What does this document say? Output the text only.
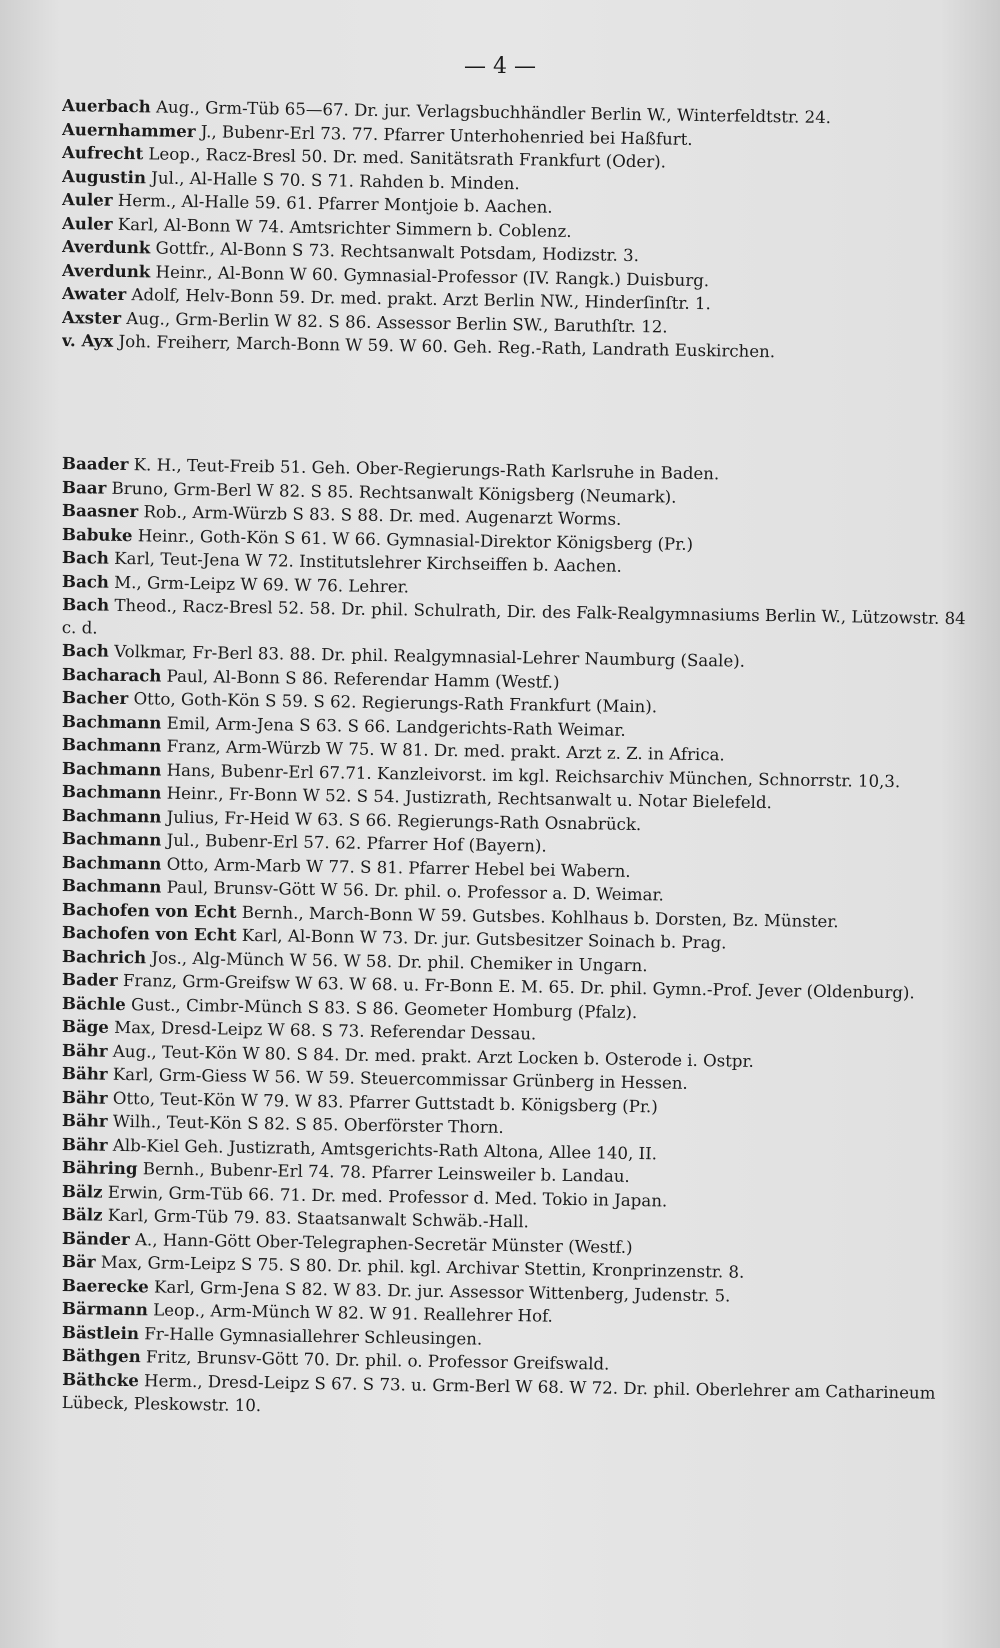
— 4 —
Auerbach Aug., Grm-Tüb 65—67. Dr. jur. Verlagsbuchhändler Berlin W., Winterfeldtstr. 24.
Auernhammer J., Bubenr-Erl 73. 77. Pfarrer Unterhohenried bei Haßfurt.
Aufrecht Leop., Racz-Bresl 50. Dr. med. Sanitätsrath Frankfurt (Oder).
Augustin Jul., Al-Halle S 70. S 71. Rahden b. Minden.
Auler Herm., Al-Halle 59. 61. Pfarrer Montjoie b. Aachen.
Auler Karl, Al-Bonn W 74. Amtsrichter Simmern b. Coblenz.
Averdunk Gottfr., Al-Bonn S 73. Rechtsanwalt Potsdam, Hodizstr. 3.
Averdunk Heinr., Al-Bonn W 60. Gymnasial-Professor (IV. Rangk.) Duisburg.
Awater Adolf, Helv-Bonn 59. Dr. med. prakt. Arzt Berlin NW., Hinderſinſtr. 1.
Axster Aug., Grm-Berlin W 82. S 86. Assessor Berlin SW., Baruthſtr. 12.
v. Ayx Joh. Freiherr, March-Bonn W 59. W 60. Geh. Reg.-Rath, Landrath Euskirchen.
Baader K. H., Teut-Freib 51. Geh. Ober-Regierungs-Rath Karlsruhe in Baden.
Baar Bruno, Grm-Berl W 82. S 85. Rechtsanwalt Königsberg (Neumark).
Baasner Rob., Arm-Würzb S 83. S 88. Dr. med. Augenarzt Worms.
Babuke Heinr., Goth-Kön S 61. W 66. Gymnasial-Direktor Königsberg (Pr.)
Bach Karl, Teut-Jena W 72. Institutslehrer Kirchseiffen b. Aachen.
Bach M., Grm-Leipz W 69. W 76. Lehrer.
Bach Theod., Racz-Bresl 52. 58. Dr. phil. Schulrath, Dir. des Falk-Realgymnasiums Berlin W., Lützowstr. 84 c. d.
Bach Volkmar, Fr-Berl 83. 88. Dr. phil. Realgymnasial-Lehrer Naumburg (Saale).
Bacharach Paul, Al-Bonn S 86. Referendar Hamm (Westf.)
Bacher Otto, Goth-Kön S 59. S 62. Regierungs-Rath Frankfurt (Main).
Bachmann Emil, Arm-Jena S 63. S 66. Landgerichts-Rath Weimar.
Bachmann Franz, Arm-Würzb W 75. W 81. Dr. med. prakt. Arzt z. Z. in Africa.
Bachmann Hans, Bubenr-Erl 67.71. Kanzleivorst. im kgl. Reichsarchiv München, Schnorrstr. 10,3.
Bachmann Heinr., Fr-Bonn W 52. S 54. Justizrath, Rechtsanwalt u. Notar Bielefeld.
Bachmann Julius, Fr-Heid W 63. S 66. Regierungs-Rath Osnabrück.
Bachmann Jul., Bubenr-Erl 57. 62. Pfarrer Hof (Bayern).
Bachmann Otto, Arm-Marb W 77. S 81. Pfarrer Hebel bei Wabern.
Bachmann Paul, Brunsv-Gött W 56. Dr. phil. o. Professor a. D. Weimar.
Bachofen von Echt Bernh., March-Bonn W 59. Gutsbes. Kohlhaus b. Dorsten, Bz. Münster.
Bachofen von Echt Karl, Al-Bonn W 73. Dr. jur. Gutsbesitzer Soinach b. Prag.
Bachrich Jos., Alg-Münch W 56. W 58. Dr. phil. Chemiker in Ungarn.
Bader Franz, Grm-Greifsw W 63. W 68. u. Fr-Bonn E. M. 65. Dr. phil. Gymn.-Prof. Jever (Oldenburg).
Bächle Gust., Cimbr-Münch S 83. S 86. Geometer Homburg (Pfalz).
Bäge Max, Dresd-Leipz W 68. S 73. Referendar Dessau.
Bähr Aug., Teut-Kön W 80. S 84. Dr. med. prakt. Arzt Locken b. Osterode i. Ostpr.
Bähr Karl, Grm-Giess W 56. W 59. Steuercommissar Grünberg in Hessen.
Bähr Otto, Teut-Kön W 79. W 83. Pfarrer Guttstadt b. Königsberg (Pr.)
Bähr Wilh., Teut-Kön S 82. S 85. Oberförster Thorn.
Bähr Alb-Kiel Geh. Justizrath, Amtsgerichts-Rath Altona, Allee 140, II.
Bähring Bernh., Bubenr-Erl 74. 78. Pfarrer Leinsweiler b. Landau.
Bälz Erwin, Grm-Tüb 66. 71. Dr. med. Professor d. Med. Tokio in Japan.
Bälz Karl, Grm-Tüb 79. 83. Staatsanwalt Schwäb.-Hall.
Bänder A., Hann-Gött Ober-Telegraphen-Secretär Münster (Westf.)
Bär Max, Grm-Leipz S 75. S 80. Dr. phil. kgl. Archivar Stettin, Kronprinzenstr. 8.
Baerecke Karl, Grm-Jena S 82. W 83. Dr. jur. Assessor Wittenberg, Judenstr. 5.
Bärmann Leop., Arm-Münch W 82. W 91. Reallehrer Hof.
Bästlein Fr-Halle Gymnasiallehrer Schleusingen.
Bäthgen Fritz, Brunsv-Gött 70. Dr. phil. o. Professor Greifswald.
Bäthcke Herm., Dresd-Leipz S 67. S 73. u. Grm-Berl W 68. W 72. Dr. phil. Oberlehrer am Catharineum Lübeck, Pleskowstr. 10.
